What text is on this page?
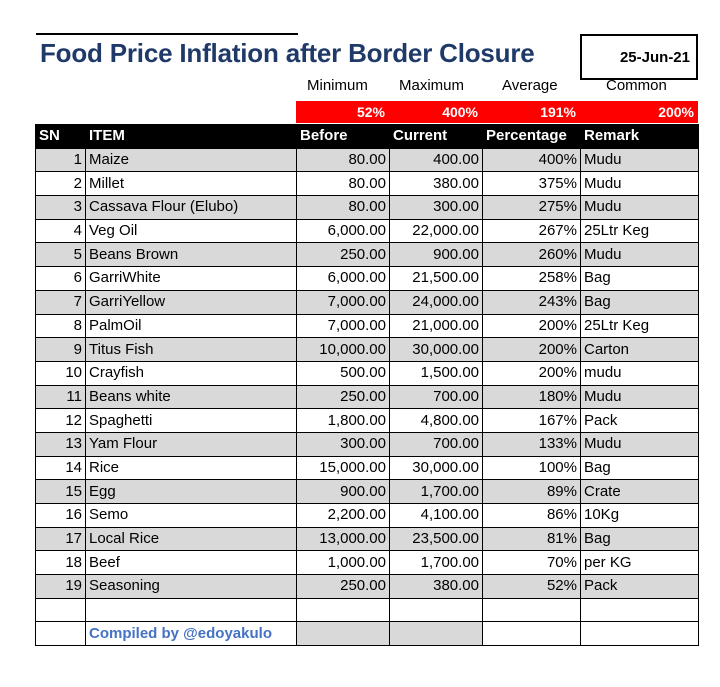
Food Price Inflation after Border Closure	25-Jun-21
Minimum Maximum	Average	Common
52%	400%	191%	200%
SN	ITEM	Before	Current	Percentage	Remark
1	Maize	80.00	400.00	400%	Mudu
2	Millet	80.00	380.00	375%	Mudu
3	Cassava Flour (Elubo)	80.00	300.00	275%	Mudu
4	Veg Oil	6,000.00	22,000.00	267%	25Ltr Keg
5	Beans Brown	250.00	900.00	260%	Mudu
6	GarriWhite	6,000.00	21,500.00	258%	Bag
7	GarriYellow	7,000.00	24,000.00	243%	Bag
8	PalmOil	7,000.00	21,000.00	200%	25Ltr Keg
9	Titus Fish	10,000.00	30,000.00	200%	Carton
10	Crayfish	500.00	1,500.00	200%	mudu
11	Beans white	250.00	700.00	180%	Mudu
12	Spaghetti	1,800.00	4,800.00	167%	Pack
13	Yam Flour	300.00	700.00	133%	Mudu
14	Rice	15,000.00	30,000.00	100%	Bag
15	Egg	900.00	1,700.00	89%	Crate
16	Semo	2,200.00	4,100.00	86%	10Kg
17	Local Rice	13,000.00	23,500.00	81%	Bag
18	Beef	1,000.00	1,700.00	70%	per KG
19	Seasoning	250.00	380.00	52%	Pack

	Compiled by @edoyakulo				
